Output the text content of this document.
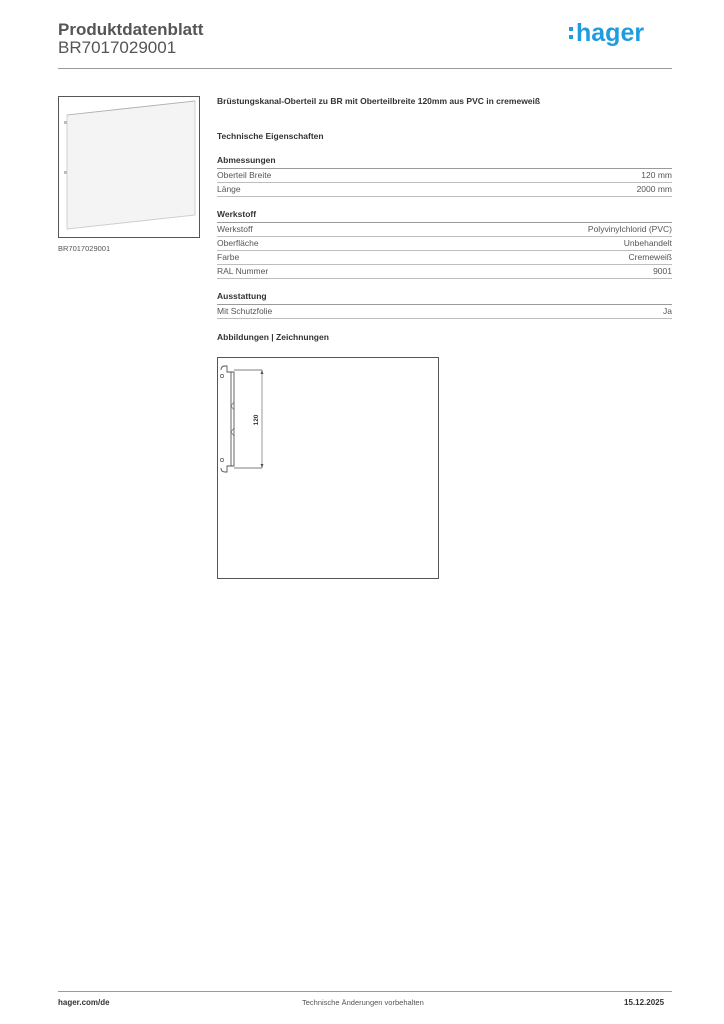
Produktdatenblatt
BR7017029001
hager
BR7017029001
Brüstungskanal-Oberteil zu BR mit Oberteilbreite 120mm aus PVC in cremeweiß
Technische Eigenschaften
Abmessungen
Oberteil Breite	120 mm
Länge	2000 mm
Werkstoff
Werkstoff	Polyvinylchlorid (PVC)
Oberfläche	Unbehandelt
Farbe	Cremeweiß
RAL Nummer	9001
Ausstattung
Mit Schutzfolie	Ja
Abbildungen | Zeichnungen
120
hager.com/de	Technische Änderungen vorbehalten	15.12.2025
